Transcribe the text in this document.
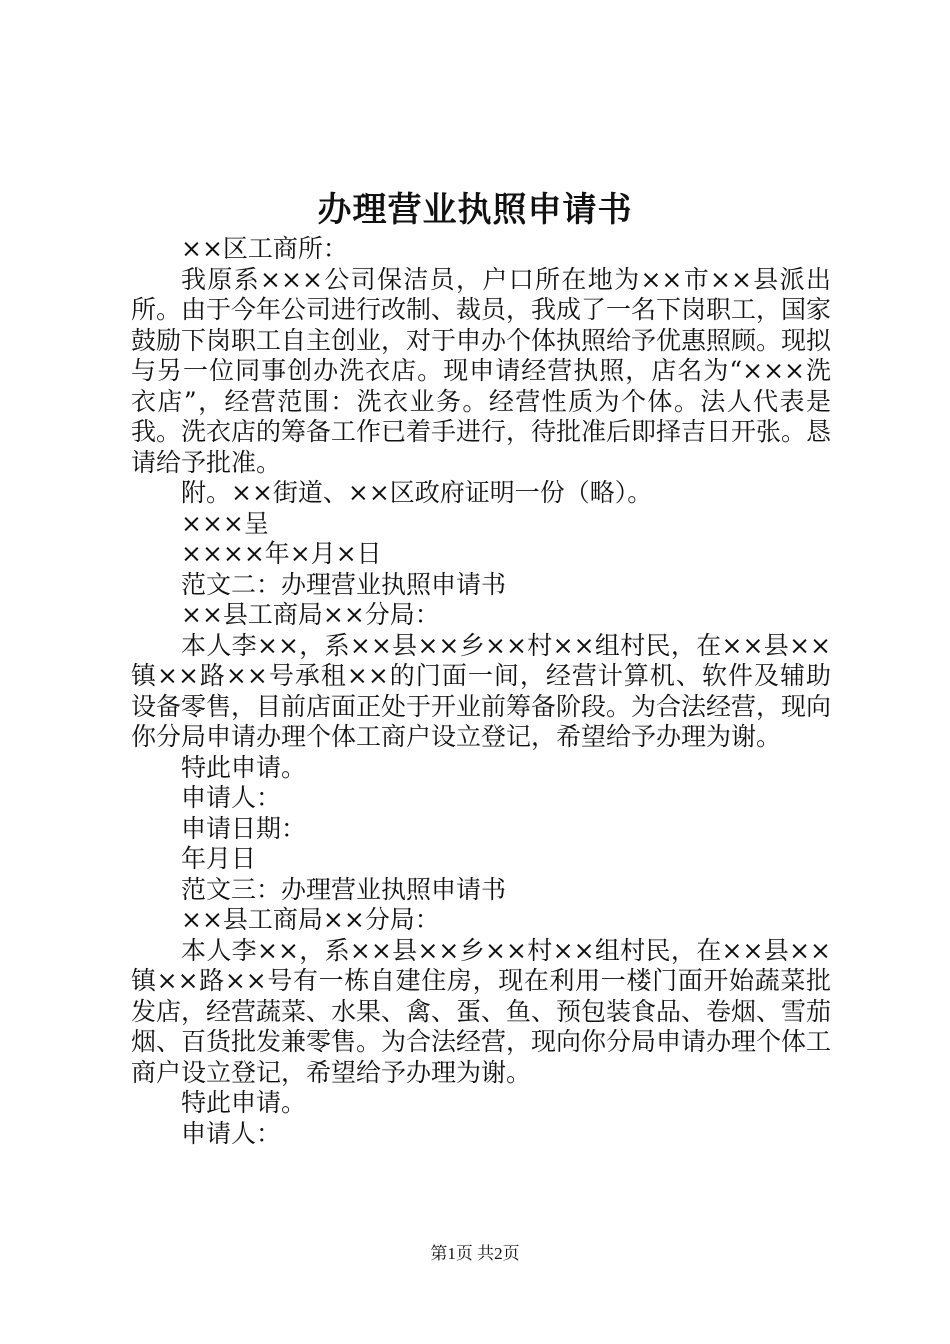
办理营业执照申请书

××区工商所：

我原系×××公司保洁员，户口所在地为××市××县派出所。由于今年公司进行改制、裁员，我成了一名下岗职工，国家鼓励下岗职工自主创业，对于申办个体执照给予优惠照顾。现拟与另一位同事创办洗衣店。现申请经营执照，店名为“×××洗衣店”，经营范围：洗衣业务。经营性质为个体。法人代表是我。洗衣店的筹备工作已着手进行，待批准后即择吉日开张。恳请给予批准。

附。××街道、××区政府证明一份（略）。

×××呈

××××年×月×日

范文二：办理营业执照申请书

××县工商局××分局：

本人李××，系××县××乡××村××组村民，在××县××镇××路××号承租××的门面一间，经营计算机、软件及辅助设备零售，目前店面正处于开业前筹备阶段。为合法经营，现向你分局申请办理个体工商户设立登记，希望给予办理为谢。

特此申请。

申请人：

申请日期：

年月日

范文三：办理营业执照申请书

××县工商局××分局：

本人李××，系××县××乡××村××组村民，在××县××镇××路××号有一栋自建住房，现在利用一楼门面开始蔬菜批发店，经营蔬菜、水果、禽、蛋、鱼、预包装食品、卷烟、雪茄烟、百货批发兼零售。为合法经营，现向你分局申请办理个体工商户设立登记，希望给予办理为谢。

特此申请。

申请人：

第1页 共2页
